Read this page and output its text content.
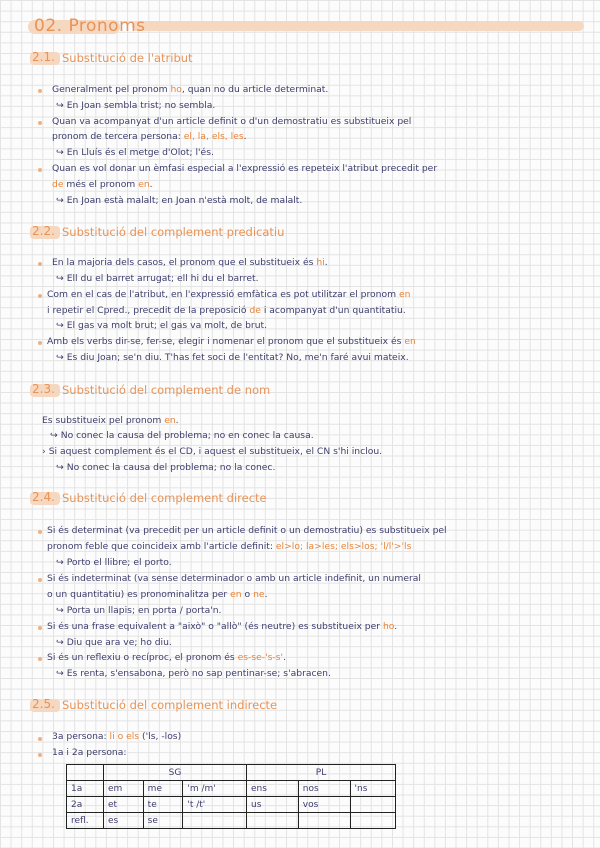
02. Pronoms
2.1. Substitució de l'atribut
Generalment pel pronom ho, quan no du article determinat.
↪ En Joan sembla trist; no sembla.
Quan va acompanyat d'un article definit o d'un demostratiu es substitueix pel
pronom de tercera persona: el, la, els, les.
↪ En Lluís és el metge d'Olot; l'és.
Quan es vol donar un èmfasi especial a l'expressió es repeteix l'atribut precedit per
de més el pronom en.
↪ En Joan està malalt; en Joan n'està molt, de malalt.
2.2. Substitució del complement predicatiu
En la majoria dels casos, el pronom que el substitueix és hi.
↪ Ell du el barret arrugat; ell hi du el barret.
Com en el cas de l'atribut, en l'expressió emfàtica es pot utilitzar el pronom en
i repetir el Cpred., precedit de la preposició de i acompanyat d'un quantitatiu.
↪ El gas va molt brut; el gas va molt, de brut.
Amb els verbs dir-se, fer-se, elegir i nomenar el pronom que el substitueix és en
↪ Es diu Joan; se'n diu. T'has fet soci de l'entitat? No, me'n faré avui mateix.
2.3. Substitució del complement de nom
Es substitueix pel pronom en.
↪ No conec la causa del problema; no en conec la causa.
› Si aquest complement és el CD, i aquest el substitueix, el CN s'hi inclou.
↪ No conec la causa del problema; no la conec.
2.4. Substitució del complement directe
Si és determinat (va precedit per un article definit o un demostratiu) es substitueix pel
pronom feble que coincideix amb l'article definit: el>lo; la>les; els>los; 'l/l'>'ls
↪ Porto el llibre; el porto.
Si és indeterminat (va sense determinador o amb un article indefinit, un numeral
o un quantitatiu) es pronominalitza per en o ne.
↪ Porta un llapis; en porta / porta'n.
Si és una frase equivalent a "això" o "allò" (és neutre) es substitueix per ho.
↪ Diu que ara ve; ho diu.
Si és un reflexiu o recíproc, el pronom és es-se-'s-s'.
↪ Es renta, s'ensabona, però no sap pentinar-se; s'abracen.
2.5. Substitució del complement indirecte
3a persona: li o els ('ls, -los)
1a i 2a persona:
	SG			PL		
1a	em	me	'm /m'	ens	nos	'ns
2a	et	te	't /t'	us	vos	
refl.	es	se				
